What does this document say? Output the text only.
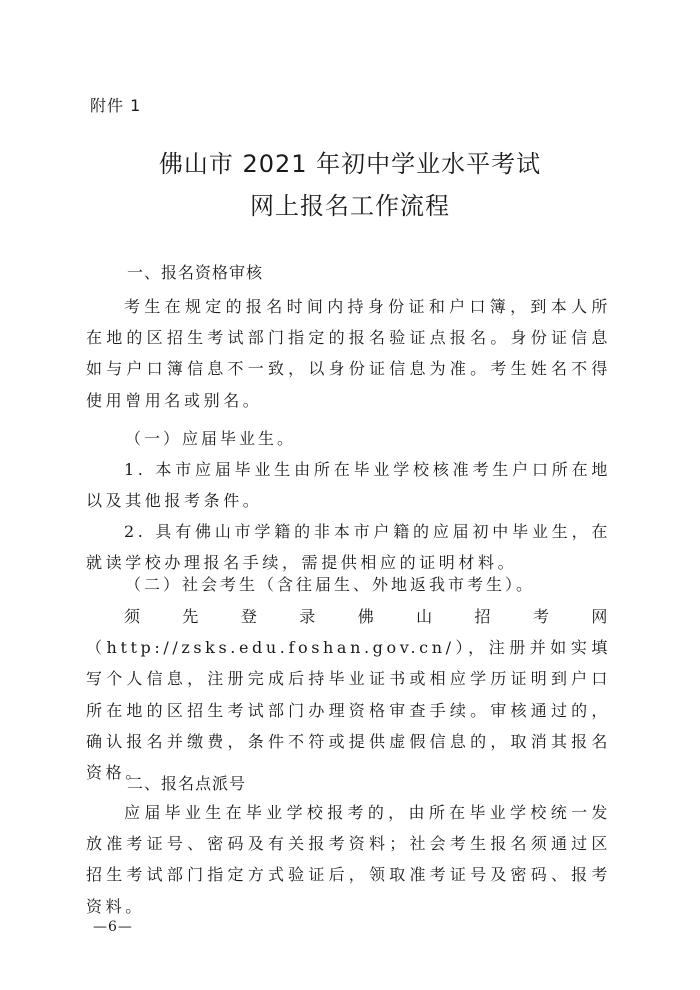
附件 1
佛山市 2021 年初中学业水平考试
网上报名工作流程
一、报名资格审核

考生在规定的报名时间内持身份证和户口簿，到本人所在地的区招生考试部门指定的报名验证点报名。身份证信息如与户口簿信息不一致，以身份证信息为准。考生姓名不得使用曾用名或别名。

（一）应届毕业生。

1. 本市应届毕业生由所在毕业学校核准考生户口所在地以及其他报考条件。

2. 具有佛山市学籍的非本市户籍的应届初中毕业生，在就读学校办理报名手续，需提供相应的证明材料。

（二）社会考生（含往届生、外地返我市考生）。

须先登录佛山招考网（http://zsks.edu.foshan.gov.cn/），注册并如实填写个人信息，注册完成后持毕业证书或相应学历证明到户口所在地的区招生考试部门办理资格审查手续。审核通过的，确认报名并缴费，条件不符或提供虚假信息的，取消其报名资格。

二、报名点派号

应届毕业生在毕业学校报考的，由所在毕业学校统一发放准考证号、密码及有关报考资料；社会考生报名须通过区招生考试部门指定方式验证后，领取准考证号及密码、报考资料。

—6—
